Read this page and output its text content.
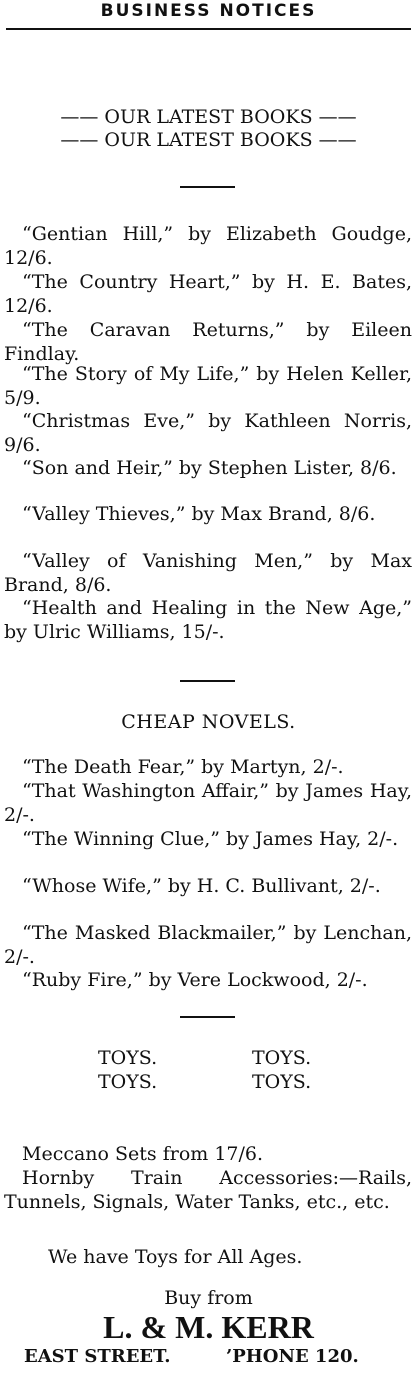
BUSINESS NOTICES
—— OUR LATEST BOOKS ——
—— OUR LATEST BOOKS ——
“Gentian Hill,” by Elizabeth Goudge, 12/6.
“The Country Heart,” by H. E. Bates, 12/6.
“The Caravan Returns,” by Eileen Findlay.
“The Story of My Life,” by Helen Keller, 5/9.
“Christmas Eve,” by Kathleen Norris, 9/6.
“Son and Heir,” by Stephen Lister, 8/6.
“Valley Thieves,” by Max Brand, 8/6.
“Valley of Vanishing Men,” by Max Brand, 8/6.
“Health and Healing in the New Age,” by Ulric Williams, 15/-.
CHEAP NOVELS.
“The Death Fear,” by Martyn, 2/-.
“That Washington Affair,” by James Hay, 2/-.
“The Winning Clue,” by James Hay, 2/-.
“Whose Wife,” by H. C. Bullivant, 2/-.
“The Masked Blackmailer,” by Lenchan, 2/-.
“Ruby Fire,” by Vere Lockwood, 2/-.
TOYS.	TOYS.
TOYS.	TOYS.
Meccano Sets from 17/6.
Hornby Train Accessories:—Rails, Tunnels, Signals, Water Tanks, etc., etc.
We have Toys for All Ages.
Buy from
L. & M. KERR
EAST STREET.	’PHONE 120.
